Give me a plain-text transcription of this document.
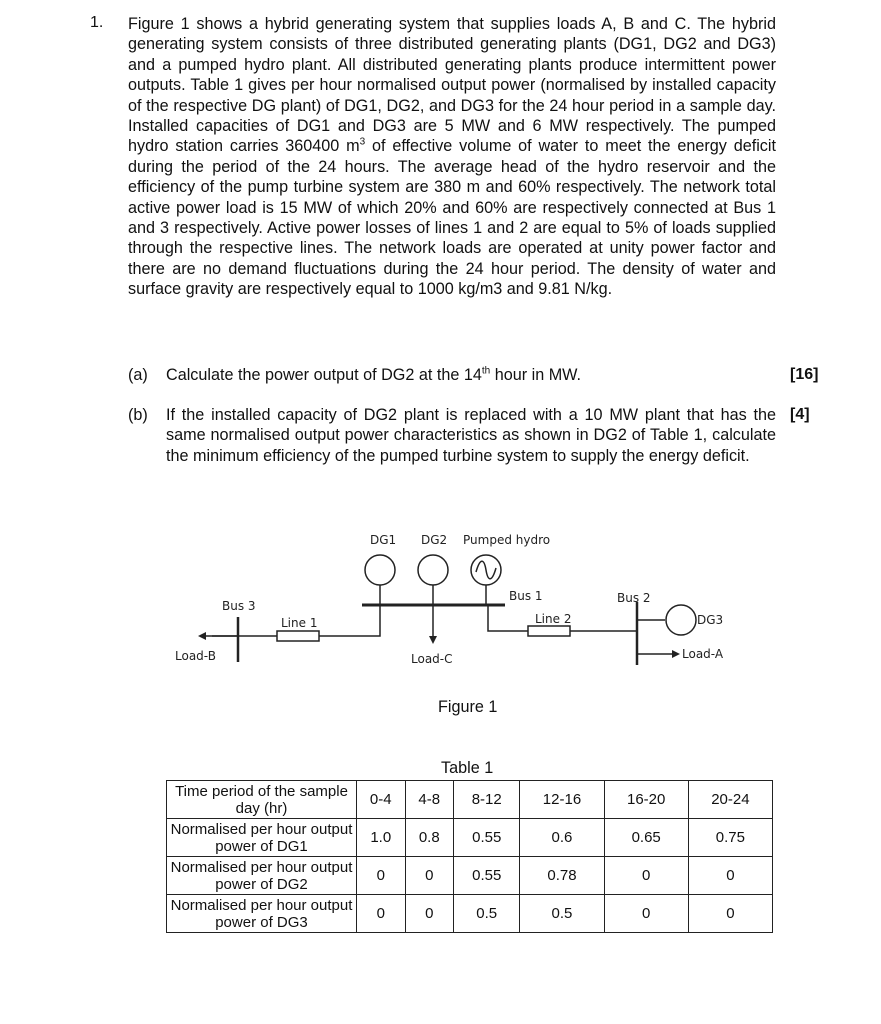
1. Figure 1 shows a hybrid generating system that supplies loads A, B and C. The hybrid generating system consists of three distributed generating plants (DG1, DG2 and DG3) and a pumped hydro plant. All distributed generating plants produce intermittent power outputs. Table 1 gives per hour normalised output power (normalised by installed capacity of the respective DG plant) of DG1, DG2, and DG3 for the 24 hour period in a sample day. Installed capacities of DG1 and DG3 are 5 MW and 6 MW respectively. The pumped hydro station carries 360400 $m^3$ of effective volume of water to meet the energy deficit during the period of the 24 hours. The average head of the hydro reservoir and the efficiency of the pump turbine system are 380 m and 60% respectively. The network total active power load is 15 MW of which 20% and 60% are respectively connected at Bus 1 and 3 respectively. Active power losses of lines 1 and 2 are equal to 5% of loads supplied through the respective lines. The network loads are operated at unity power factor and there are no demand fluctuations during the 24 hour period. The density of water and surface gravity are respectively equal to 1000 kg/m3 and 9.81 N/kg.
(a) Calculate the power output of DG2 at the 14th hour in MW.	[16]
(b) If the installed capacity of DG2 plant is replaced with a 10 MW plant that has the same normalised output power characteristics as shown in DG2 of Table 1, calculate the minimum efficiency of the pumped turbine system to supply the energy deficit.
[4]
DG1 DG2 Pumped hydro
Bus 1
Line 2
Bus 2
Bus 3
Line 1	DG3
Load-A
Load-B	Load-C
Figure 1
Table 1
Time period of the sample day (hr)	0-4	4-8	8-12	12-16	16-20	20-24
Normalised per hour output power of DG1	1.0	0.8	0.55	0.6	0.65	0.75
Normalised per hour output power of DG2	0	0	0.55	0.78	0	0
Normalised per hour output power of DG3	0	0	0.5	0.5	0	0
